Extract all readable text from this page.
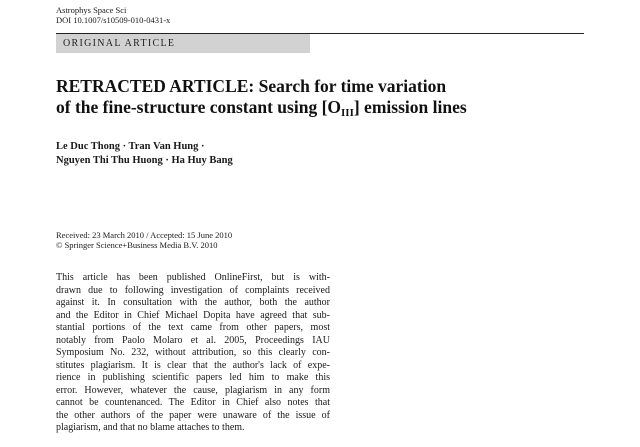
Astrophys Space Sci
DOI 10.1007/s10509-010-0431-x
ORIGINAL ARTICLE
RETRACTED ARTICLE: Search for time variation
of the fine-structure constant using $[O_{III}]$ emission lines
Le Duc Thong · Tran Van Hung ·
Nguyen Thi Thu Huong · Ha Huy Bang
Received: 23 March 2010 / Accepted: 15 June 2010
© Springer Science+Business Media B.V. 2010
This article has been published OnlineFirst, but is with-
drawn due to following investigation of complaints received
against it. In consultation with the author, both the author
and the Editor in Chief Michael Dopita have agreed that sub-
stantial portions of the text came from other papers, most
notably from Paolo Molaro et al. 2005, Proceedings IAU
Symposium No. 232, without attribution, so this clearly con-
stitutes plagiarism. It is clear that the author's lack of expe-
rience in publishing scientific papers led him to make this
error. However, whatever the cause, plagiarism in any form
cannot be countenanced. The Editor in Chief also notes that
the other authors of the paper were unaware of the issue of
plagiarism, and that no blame attaches to them.
